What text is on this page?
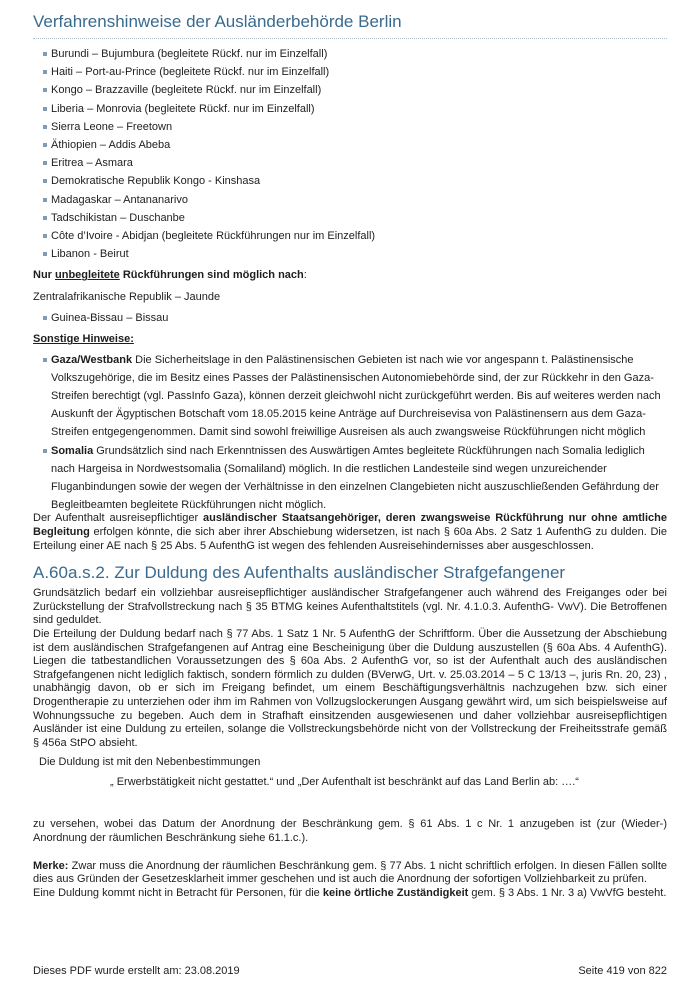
Verfahrenshinweise der Ausländerbehörde Berlin
Burundi – Bujumbura (begleitete Rückf. nur im Einzelfall)
Haiti – Port-au-Prince (begleitete Rückf. nur im Einzelfall)
Kongo – Brazzaville (begleitete Rückf. nur im Einzelfall)
Liberia – Monrovia (begleitete Rückf. nur im Einzelfall)
Sierra Leone – Freetown
Äthiopien – Addis Abeba
Eritrea – Asmara
Demokratische Republik Kongo - Kinshasa
Madagaskar – Antananarivo
Tadschikistan – Duschanbe
Côte d’Ivoire - Abidjan (begleitete Rückführungen nur im Einzelfall)
Libanon - Beirut
Nur unbegleitete Rückführungen sind möglich nach:
Zentralafrikanische Republik – Jaunde
Guinea-Bissau – Bissau
Sonstige Hinweise:
Gaza/Westbank Die Sicherheitslage in den Palästinensischen Gebieten ist nach wie vor angespann t. Palästinensische Volkszugehörige, die im Besitz eines Passes der Palästinensischen Autonomiebehörde sind, der zur Rückkehr in den Gaza-Streifen berechtigt (vgl. PassInfo Gaza), können derzeit gleichwohl nicht zurückgeführt werden. Bis auf weiteres werden nach Auskunft der Ägyptischen Botschaft vom 18.05.2015 keine Anträge auf Durchreisevisa von Palästinensern aus dem Gaza-Streifen entgegengenommen. Damit sind sowohl freiwillige Ausreisen als auch zwangsweise Rückführungen nicht möglich
Somalia Grundsätzlich sind nach Erkenntnissen des Auswärtigen Amtes begleitete Rückführungen nach Somalia lediglich nach Hargeisa in Nordwestsomalia (Somaliland) möglich. In die restlichen Landesteile sind wegen unzureichender Fluganbindungen sowie der wegen der Verhältnisse in den einzelnen Clangebieten nicht auszuschließenden Gefährdung der Begleitbeamten begleitete Rückführungen nicht möglich.
Der Aufenthalt ausreisepflichtiger ausländischer Staatsangehöriger, deren zwangsweise Rückführung nur ohne amtliche Begleitung erfolgen könnte, die sich aber ihrer Abschiebung widersetzen, ist nach § 60a Abs. 2 Satz 1 AufenthG zu dulden. Die Erteilung einer AE nach § 25 Abs. 5 AufenthG ist wegen des fehlenden Ausreisehindernisses aber ausgeschlossen.
A.60a.s.2. Zur Duldung des Aufenthalts ausländischer Strafgefangener
Grundsätzlich bedarf ein vollziehbar ausreisepflichtiger ausländischer Strafgefangener auch während des Freiganges oder bei Zurückstellung der Strafvollstreckung nach § 35 BTMG keines Aufenthaltstitels (vgl. Nr. 4.1.0.3. AufenthG- VwV). Die Betroffenen sind geduldet.
Die Erteilung der Duldung bedarf nach § 77 Abs. 1 Satz 1 Nr. 5 AufenthG der Schriftform. Über die Aussetzung der Abschiebung ist dem ausländischen Strafgefangenen auf Antrag eine Bescheinigung über die Duldung auszustellen (§ 60a Abs. 4 AufenthG). Liegen die tatbestandlichen Voraussetzungen des § 60a Abs. 2 AufenthG vor, so ist der Aufenthalt auch des ausländischen Strafgefangenen nicht lediglich faktisch, sondern förmlich zu dulden (BVerwG, Urt. v. 25.03.2014 – 5 C 13/13 –, juris Rn. 20, 23) , unabhängig davon, ob er sich im Freigang befindet, um einem Beschäftigungsverhältnis nachzugehen bzw. sich einer Drogentherapie zu unterziehen oder ihm im Rahmen von Vollzugslockerungen Ausgang gewährt wird, um sich beispielsweise auf Wohnungssuche zu begeben. Auch dem in Strafhaft einsitzenden ausgewiesenen und daher vollziehbar ausreisepflichtigen Ausländer ist eine Duldung zu erteilen, solange die Vollstreckungsbehörde nicht von der Vollstreckung der Freiheitsstrafe gemäß § 456a StPO absieht.
Die Duldung ist mit den Nebenbestimmungen
„ Erwerbstätigkeit nicht gestattet.“ und „Der Aufenthalt ist beschränkt auf das Land Berlin ab: ….“
zu versehen, wobei das Datum der Anordnung der Beschränkung gem. § 61 Abs. 1 c Nr. 1 anzugeben ist (zur (Wieder-) Anordnung der räumlichen Beschränkung siehe 61.1.c.).
Merke: Zwar muss die Anordnung der räumlichen Beschränkung gem. § 77 Abs. 1 nicht schriftlich erfolgen. In diesen Fällen sollte dies aus Gründen der Gesetzesklarheit immer geschehen und ist auch die Anordnung der sofortigen Vollziehbarkeit zu prüfen.
Eine Duldung kommt nicht in Betracht für Personen, für die keine örtliche Zuständigkeit gem. § 3 Abs. 1 Nr. 3 a) VwVfG besteht.
Dieses PDF wurde erstellt am: 23.08.2019	Seite 419 von 822
